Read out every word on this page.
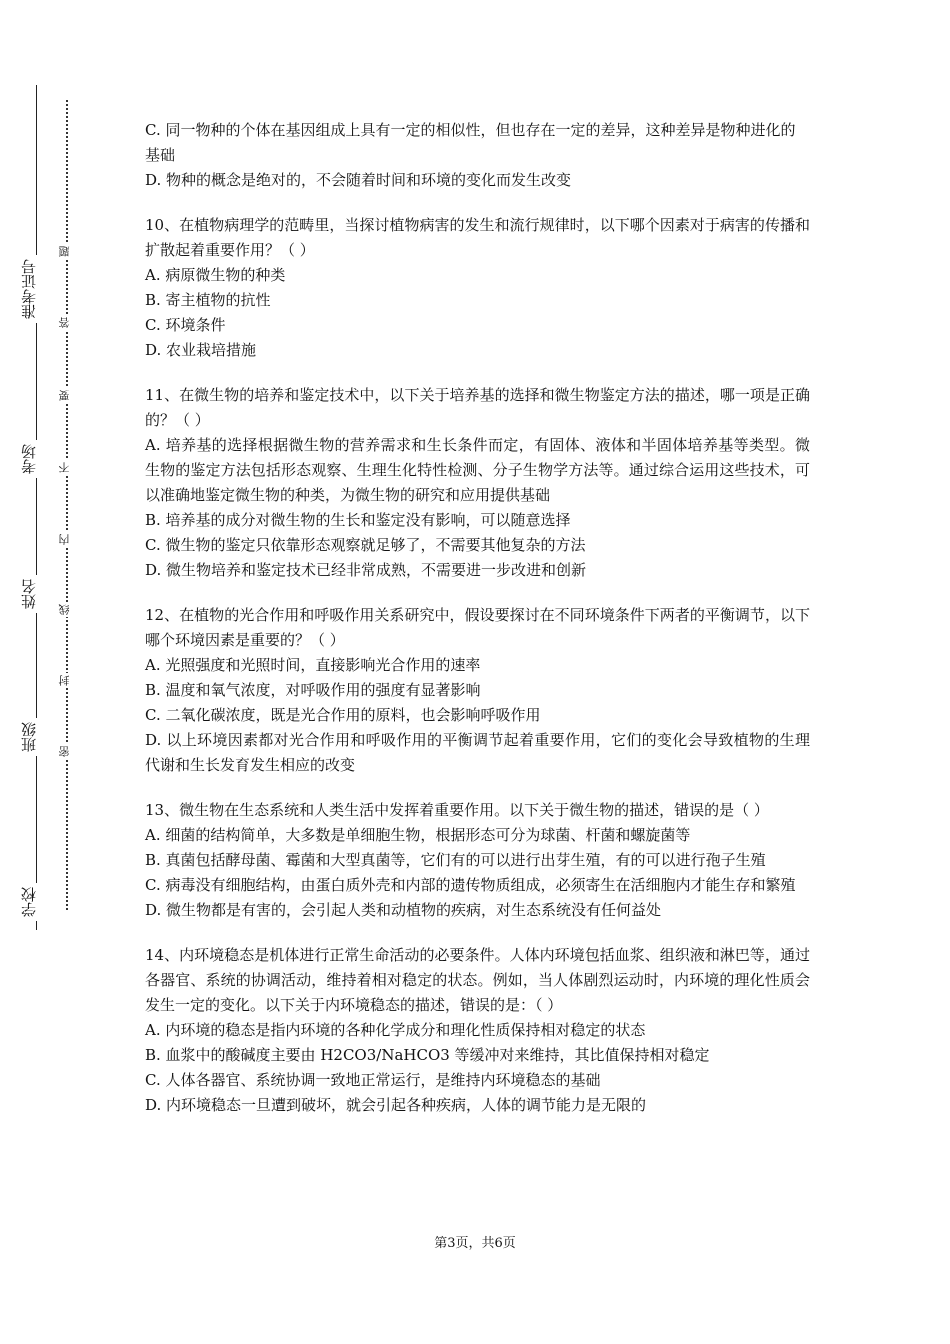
准考证号
考场
姓名
班级
学校
题
答
要
不
内
线
封
密

C. 同一物种的个体在基因组成上具有一定的相似性，但也存在一定的差异，这种差异是物种进化的基础

D. 物种的概念是绝对的，不会随着时间和环境的变化而发生改变

10、在植物病理学的范畴里，当探讨植物病害的发生和流行规律时，以下哪个因素对于病害的传播和扩散起着重要作用？（ ）

A. 病原微生物的种类

B. 寄主植物的抗性

C. 环境条件

D. 农业栽培措施

11、在微生物的培养和鉴定技术中，以下关于培养基的选择和微生物鉴定方法的描述，哪一项是正确的？（ ）

A. 培养基的选择根据微生物的营养需求和生长条件而定，有固体、液体和半固体培养基等类型。微生物的鉴定方法包括形态观察、生理生化特性检测、分子生物学方法等。通过综合运用这些技术，可以准确地鉴定微生物的种类，为微生物的研究和应用提供基础

B. 培养基的成分对微生物的生长和鉴定没有影响，可以随意选择

C. 微生物的鉴定只依靠形态观察就足够了，不需要其他复杂的方法

D. 微生物培养和鉴定技术已经非常成熟，不需要进一步改进和创新

12、在植物的光合作用和呼吸作用关系研究中，假设要探讨在不同环境条件下两者的平衡调节，以下哪个环境因素是重要的？（ ）

A. 光照强度和光照时间，直接影响光合作用的速率

B. 温度和氧气浓度，对呼吸作用的强度有显著影响

C. 二氧化碳浓度，既是光合作用的原料，也会影响呼吸作用

D. 以上环境因素都对光合作用和呼吸作用的平衡调节起着重要作用，它们的变化会导致植物的生理代谢和生长发育发生相应的改变

13、微生物在生态系统和人类生活中发挥着重要作用。以下关于微生物的描述，错误的是（ ）

A. 细菌的结构简单，大多数是单细胞生物，根据形态可分为球菌、杆菌和螺旋菌等

B. 真菌包括酵母菌、霉菌和大型真菌等，它们有的可以进行出芽生殖，有的可以进行孢子生殖

C. 病毒没有细胞结构，由蛋白质外壳和内部的遗传物质组成，必须寄生在活细胞内才能生存和繁殖

D. 微生物都是有害的，会引起人类和动植物的疾病，对生态系统没有任何益处

14、内环境稳态是机体进行正常生命活动的必要条件。人体内环境包括血浆、组织液和淋巴等，通过各器官、系统的协调活动，维持着相对稳定的状态。例如，当人体剧烈运动时，内环境的理化性质会发生一定的变化。以下关于内环境稳态的描述，错误的是：（ ）

A. 内环境的稳态是指内环境的各种化学成分和理化性质保持相对稳定的状态

B. 血浆中的酸碱度主要由 H2CO3/NaHCO3 等缓冲对来维持，其比值保持相对稳定

C. 人体各器官、系统协调一致地正常运行，是维持内环境稳态的基础

D. 内环境稳态一旦遭到破坏，就会引起各种疾病，人体的调节能力是无限的

第3页，共6页
